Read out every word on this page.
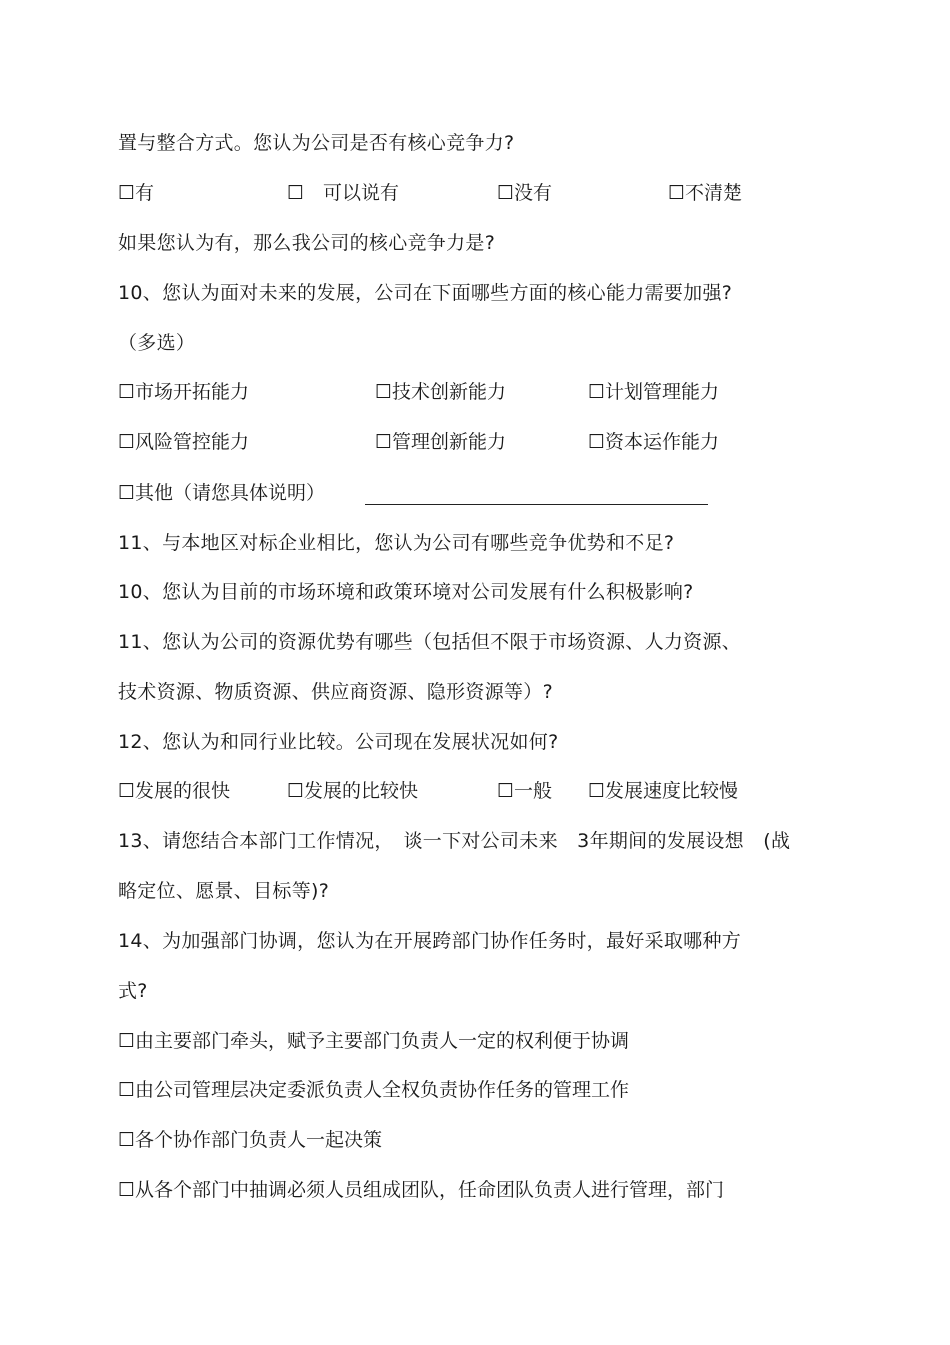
置与整合方式。您认为公司是否有核心竞争力?
☐有	☐　可以说有	☐没有	☐不清楚
如果您认为有，那么我公司的核心竞争力是?
10、您认为面对未来的发展，公司在下面哪些方面的核心能力需要加强?
（多选）
☐市场开拓能力	☐技术创新能力	☐计划管理能力
☐风险管控能力	☐管理创新能力	☐资本运作能力
☐其他（请您具体说明）
11、与本地区对标企业相比，您认为公司有哪些竞争优势和不足?
10、您认为目前的市场环境和政策环境对公司发展有什么积极影响?
11、您认为公司的资源优势有哪些（包括但不限于市场资源、人力资源、
技术资源、物质资源、供应商资源、隐形资源等）?
12、您认为和同行业比较。公司现在发展状况如何?
☐发展的很快	☐发展的比较快	☐一般 ☐发展速度比较慢
13、请您结合本部门工作情况，　谈一下对公司未来　3年期间的发展设想　(战
略定位、愿景、目标等)?
14、为加强部门协调，您认为在开展跨部门协作任务时，最好采取哪种方
式?
☐由主要部门牵头，赋予主要部门负责人一定的权利便于协调
☐由公司管理层决定委派负责人全权负责协作任务的管理工作
☐各个协作部门负责人一起决策
☐从各个部门中抽调必须人员组成团队，任命团队负责人进行管理，部门
